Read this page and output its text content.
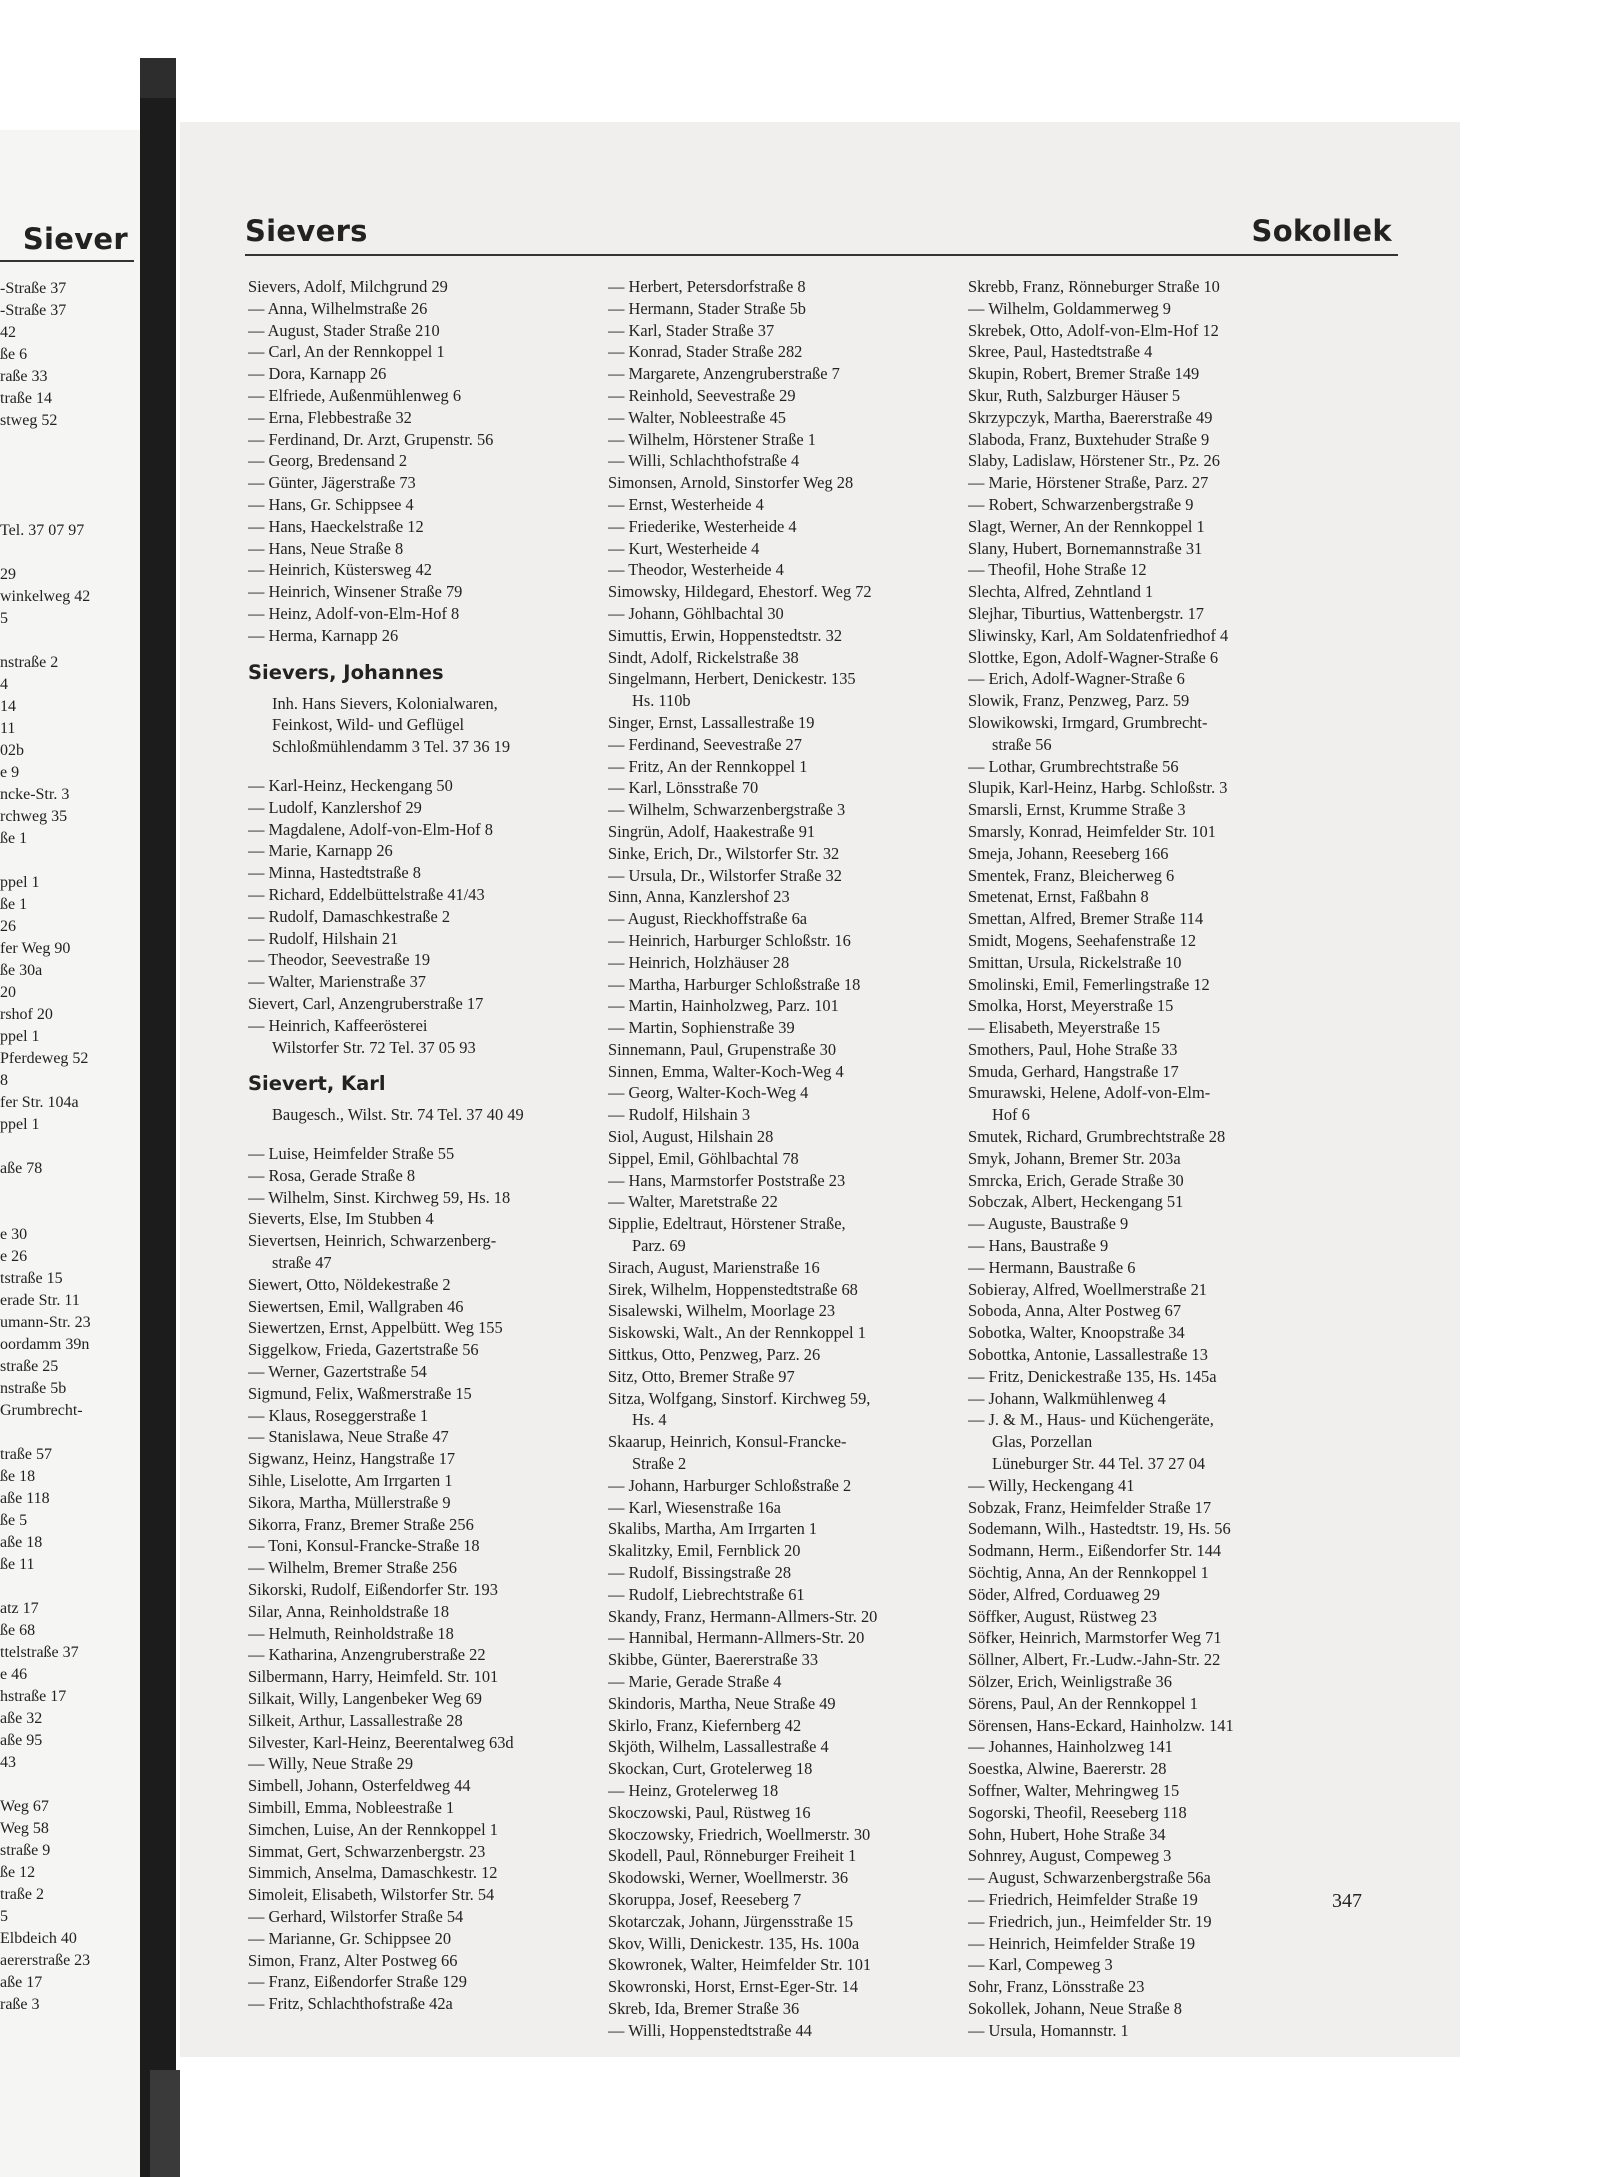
Siever
-Straße 37
-Straße 37
42
ße 6
raße 33
traße 14
stweg 52
Tel. 37 07 97
29
winkelweg 42
5
nstraße 2
4
14
11
02b
e 9
ncke-Str. 3
rchweg 35
ße 1
ppel 1
ße 1
26
fer Weg 90
ße 30a
20
rshof 20
ppel 1
Pferdeweg 52
8
fer Str. 104a
ppel 1
aße 78
e 30
e 26
tstraße 15
erade Str. 11
umann-Str. 23
oordamm 39n
straße 25
nstraße 5b
Grumbrecht-
traße 57
ße 18
aße 118
ße 5
aße 18
ße 11
atz 17
ße 68
ttelstraße 37
e 46
hstraße 17
aße 32
aße 95
43
Weg 67
Weg 58
straße 9
ße 12
traße 2
5
Elbdeich 40
aererstraße 23
aße 17
raße 3
Sievers	Sokollek
Sievers, Adolf, Milchgrund 29
— Anna, Wilhelmstraße 26
— August, Stader Straße 210
— Carl, An der Rennkoppel 1
— Dora, Karnapp 26
— Elfriede, Außenmühlenweg 6
— Erna, Flebbestraße 32
— Ferdinand, Dr. Arzt, Grupenstr. 56
— Georg, Bredensand 2
— Günter, Jägerstraße 73
— Hans, Gr. Schippsee 4
— Hans, Haeckelstraße 12
— Hans, Neue Straße 8
— Heinrich, Küstersweg 42
— Heinrich, Winsener Straße 79
— Heinz, Adolf-von-Elm-Hof 8
— Herma, Karnapp 26
Sievers, Johannes
Inh. Hans Sievers, Kolonialwaren,
Feinkost, Wild- und Geflügel
Schloßmühlendamm 3 Tel. 37 36 19
— Karl-Heinz, Heckengang 50
— Ludolf, Kanzlershof 29
— Magdalene, Adolf-von-Elm-Hof 8
— Marie, Karnapp 26
— Minna, Hastedtstraße 8
— Richard, Eddelbüttelstraße 41/43
— Rudolf, Damaschkestraße 2
— Rudolf, Hilshain 21
— Theodor, Seevestraße 19
— Walter, Marienstraße 37
Sievert, Carl, Anzengruberstraße 17
— Heinrich, Kaffeerösterei
Wilstorfer Str. 72 Tel. 37 05 93
Sievert, Karl
Baugesch., Wilst. Str. 74 Tel. 37 40 49
— Luise, Heimfelder Straße 55
— Rosa, Gerade Straße 8
— Wilhelm, Sinst. Kirchweg 59, Hs. 18
Sieverts, Else, Im Stubben 4
Sievertsen, Heinrich, Schwarzenberg-
straße 47
Siewert, Otto, Nöldekestraße 2
Siewertsen, Emil, Wallgraben 46
Siewertzen, Ernst, Appelbütt. Weg 155
Siggelkow, Frieda, Gazertstraße 56
— Werner, Gazertstraße 54
Sigmund, Felix, Waßmerstraße 15
— Klaus, Roseggerstraße 1
— Stanislawa, Neue Straße 47
Sigwanz, Heinz, Hangstraße 17
Sihle, Liselotte, Am Irrgarten 1
Sikora, Martha, Müllerstraße 9
Sikorra, Franz, Bremer Straße 256
— Toni, Konsul-Francke-Straße 18
— Wilhelm, Bremer Straße 256
Sikorski, Rudolf, Eißendorfer Str. 193
Silar, Anna, Reinholdstraße 18
— Helmuth, Reinholdstraße 18
— Katharina, Anzengruberstraße 22
Silbermann, Harry, Heimfeld. Str. 101
Silkait, Willy, Langenbeker Weg 69
Silkeit, Arthur, Lassallestraße 28
Silvester, Karl-Heinz, Beerentalweg 63d
— Willy, Neue Straße 29
Simbell, Johann, Osterfeldweg 44
Simbill, Emma, Nobleestraße 1
Simchen, Luise, An der Rennkoppel 1
Simmat, Gert, Schwarzenbergstr. 23
Simmich, Anselma, Damaschkestr. 12
Simoleit, Elisabeth, Wilstorfer Str. 54
— Gerhard, Wilstorfer Straße 54
— Marianne, Gr. Schippsee 20
Simon, Franz, Alter Postweg 66
— Franz, Eißendorfer Straße 129
— Fritz, Schlachthofstraße 42a
— Herbert, Petersdorfstraße 8
— Hermann, Stader Straße 5b
— Karl, Stader Straße 37
— Konrad, Stader Straße 282
— Margarete, Anzengruberstraße 7
— Reinhold, Seevestraße 29
— Walter, Nobleestraße 45
— Wilhelm, Hörstener Straße 1
— Willi, Schlachthofstraße 4
Simonsen, Arnold, Sinstorfer Weg 28
— Ernst, Westerheide 4
— Friederike, Westerheide 4
— Kurt, Westerheide 4
— Theodor, Westerheide 4
Simowsky, Hildegard, Ehestorf. Weg 72
— Johann, Göhlbachtal 30
Simuttis, Erwin, Hoppenstedtstr. 32
Sindt, Adolf, Rickelstraße 38
Singelmann, Herbert, Denickestr. 135
Hs. 110b
Singer, Ernst, Lassallestraße 19
— Ferdinand, Seevestraße 27
— Fritz, An der Rennkoppel 1
— Karl, Lönsstraße 70
— Wilhelm, Schwarzenbergstraße 3
Singrün, Adolf, Haakestraße 91
Sinke, Erich, Dr., Wilstorfer Str. 32
— Ursula, Dr., Wilstorfer Straße 32
Sinn, Anna, Kanzlershof 23
— August, Rieckhoffstraße 6a
— Heinrich, Harburger Schloßstr. 16
— Heinrich, Holzhäuser 28
— Martha, Harburger Schloßstraße 18
— Martin, Hainholzweg, Parz. 101
— Martin, Sophienstraße 39
Sinnemann, Paul, Grupenstraße 30
Sinnen, Emma, Walter-Koch-Weg 4
— Georg, Walter-Koch-Weg 4
— Rudolf, Hilshain 3
Siol, August, Hilshain 28
Sippel, Emil, Göhlbachtal 78
— Hans, Marmstorfer Poststraße 23
— Walter, Maretstraße 22
Sipplie, Edeltraut, Hörstener Straße,
Parz. 69
Sirach, August, Marienstraße 16
Sirek, Wilhelm, Hoppenstedtstraße 68
Sisalewski, Wilhelm, Moorlage 23
Siskowski, Walt., An der Rennkoppel 1
Sittkus, Otto, Penzweg, Parz. 26
Sitz, Otto, Bremer Straße 97
Sitza, Wolfgang, Sinstorf. Kirchweg 59,
Hs. 4
Skaarup, Heinrich, Konsul-Francke-
Straße 2
— Johann, Harburger Schloßstraße 2
— Karl, Wiesenstraße 16a
Skalibs, Martha, Am Irrgarten 1
Skalitzky, Emil, Fernblick 20
— Rudolf, Bissingstraße 28
— Rudolf, Liebrechtstraße 61
Skandy, Franz, Hermann-Allmers-Str. 20
— Hannibal, Hermann-Allmers-Str. 20
Skibbe, Günter, Baererstraße 33
— Marie, Gerade Straße 4
Skindoris, Martha, Neue Straße 49
Skirlo, Franz, Kiefernberg 42
Skjöth, Wilhelm, Lassallestraße 4
Skockan, Curt, Grotelerweg 18
— Heinz, Grotelerweg 18
Skoczowski, Paul, Rüstweg 16
Skoczowsky, Friedrich, Woellmerstr. 30
Skodell, Paul, Rönneburger Freiheit 1
Skodowski, Werner, Woellmerstr. 36
Skoruppa, Josef, Reeseberg 7
Skotarczak, Johann, Jürgensstraße 15
Skov, Willi, Denickestr. 135, Hs. 100a
Skowronek, Walter, Heimfelder Str. 101
Skowronski, Horst, Ernst-Eger-Str. 14
Skreb, Ida, Bremer Straße 36
— Willi, Hoppenstedtstraße 44
Skrebb, Franz, Rönneburger Straße 10
— Wilhelm, Goldammerweg 9
Skrebek, Otto, Adolf-von-Elm-Hof 12
Skree, Paul, Hastedtstraße 4
Skupin, Robert, Bremer Straße 149
Skur, Ruth, Salzburger Häuser 5
Skrzypczyk, Martha, Baererstraße 49
Slaboda, Franz, Buxtehuder Straße 9
Slaby, Ladislaw, Hörstener Str., Pz. 26
— Marie, Hörstener Straße, Parz. 27
— Robert, Schwarzenbergstraße 9
Slagt, Werner, An der Rennkoppel 1
Slany, Hubert, Bornemannstraße 31
— Theofil, Hohe Straße 12
Slechta, Alfred, Zehntland 1
Slejhar, Tiburtius, Wattenbergstr. 17
Sliwinsky, Karl, Am Soldatenfriedhof 4
Slottke, Egon, Adolf-Wagner-Straße 6
— Erich, Adolf-Wagner-Straße 6
Slowik, Franz, Penzweg, Parz. 59
Slowikowski, Irmgard, Grumbrecht-
straße 56
— Lothar, Grumbrechtstraße 56
Slupik, Karl-Heinz, Harbg. Schloßstr. 3
Smarsli, Ernst, Krumme Straße 3
Smarsly, Konrad, Heimfelder Str. 101
Smeja, Johann, Reeseberg 166
Smentek, Franz, Bleicherweg 6
Smetenat, Ernst, Faßbahn 8
Smettan, Alfred, Bremer Straße 114
Smidt, Mogens, Seehafenstraße 12
Smittan, Ursula, Rickelstraße 10
Smolinski, Emil, Femerlingstraße 12
Smolka, Horst, Meyerstraße 15
— Elisabeth, Meyerstraße 15
Smothers, Paul, Hohe Straße 33
Smuda, Gerhard, Hangstraße 17
Smurawski, Helene, Adolf-von-Elm-
Hof 6
Smutek, Richard, Grumbrechtstraße 28
Smyk, Johann, Bremer Str. 203a
Smrcka, Erich, Gerade Straße 30
Sobczak, Albert, Heckengang 51
— Auguste, Baustraße 9
— Hans, Baustraße 9
— Hermann, Baustraße 6
Sobieray, Alfred, Woellmerstraße 21
Soboda, Anna, Alter Postweg 67
Sobotka, Walter, Knoopstraße 34
Sobottka, Antonie, Lassallestraße 13
— Fritz, Denickestraße 135, Hs. 145a
— Johann, Walkmühlenweg 4
— J. & M., Haus- und Küchengeräte,
Glas, Porzellan
Lüneburger Str. 44 Tel. 37 27 04
— Willy, Heckengang 41
Sobzak, Franz, Heimfelder Straße 17
Sodemann, Wilh., Hastedtstr. 19, Hs. 56
Sodmann, Herm., Eißendorfer Str. 144
Söchtig, Anna, An der Rennkoppel 1
Söder, Alfred, Corduaweg 29
Söffker, August, Rüstweg 23
Söfker, Heinrich, Marmstorfer Weg 71
Söllner, Albert, Fr.-Ludw.-Jahn-Str. 22
Sölzer, Erich, Weinligstraße 36
Sörens, Paul, An der Rennkoppel 1
Sörensen, Hans-Eckard, Hainholzw. 141
— Johannes, Hainholzweg 141
Soestka, Alwine, Baererstr. 28
Soffner, Walter, Mehringweg 15
Sogorski, Theofil, Reeseberg 118
Sohn, Hubert, Hohe Straße 34
Sohnrey, August, Compeweg 3
— August, Schwarzenbergstraße 56a
— Friedrich, Heimfelder Straße 19
— Friedrich, jun., Heimfelder Str. 19
— Heinrich, Heimfelder Straße 19
— Karl, Compeweg 3
Sohr, Franz, Lönsstraße 23
Sokollek, Johann, Neue Straße 8
— Ursula, Homannstr. 1
347
